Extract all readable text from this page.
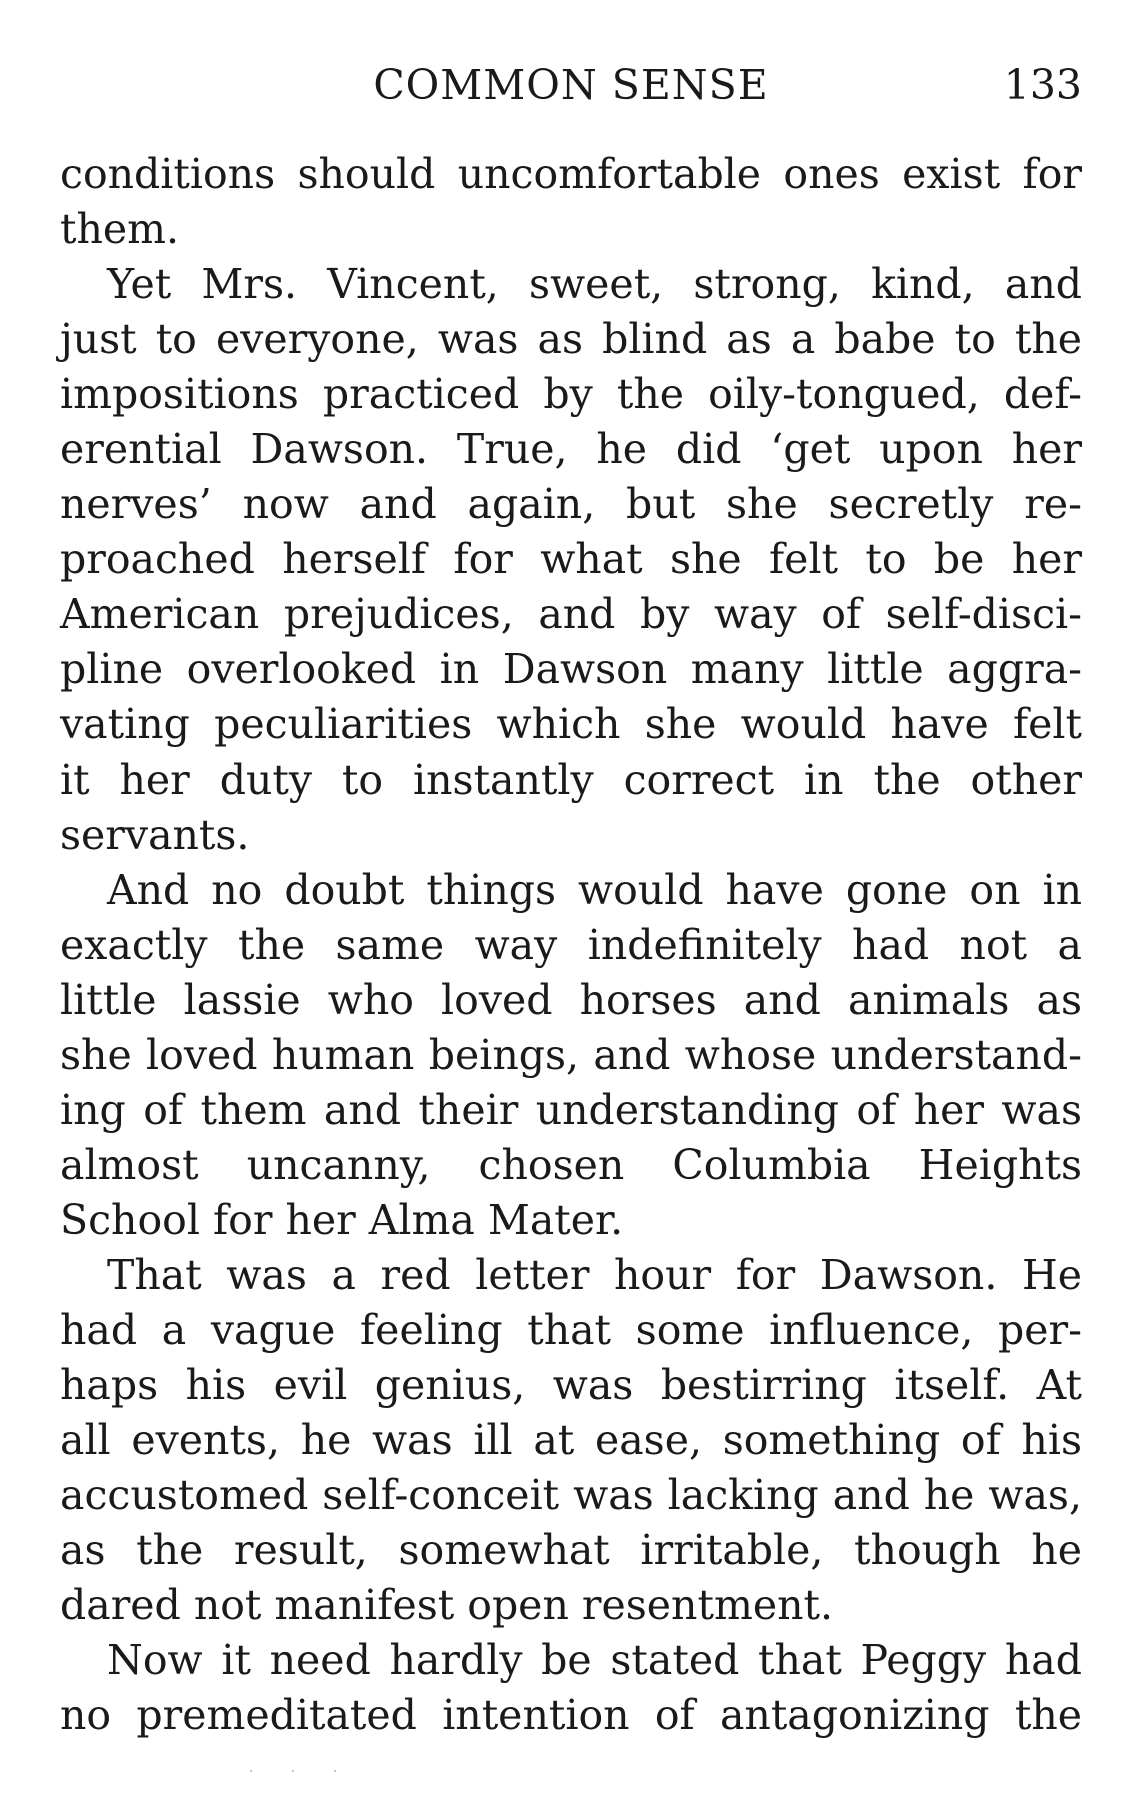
COMMON SENSE	133
conditions should uncomfortable ones exist for
them.
Yet Mrs. Vincent, sweet, strong, kind, and
just to everyone, was as blind as a babe to the
impositions practiced by the oily-tongued, def-
erential Dawson. True, he did ‘get upon her
nerves’ now and again, but she secretly re-
proached herself for what she felt to be her
American prejudices, and by way of self-disci-
pline overlooked in Dawson many little aggra-
vating peculiarities which she would have felt
it her duty to instantly correct in the other
servants.
And no doubt things would have gone on in
exactly the same way indefinitely had not a
little lassie who loved horses and animals as
she loved human beings, and whose understand-
ing of them and their understanding of her was
almost uncanny, chosen Columbia Heights
School for her Alma Mater.
That was a red letter hour for Dawson. He
had a vague feeling that some influence, per-
haps his evil genius, was bestirring itself. At
all events, he was ill at ease, something of his
accustomed self-conceit was lacking and he was,
as the result, somewhat irritable, though he
dared not manifest open resentment.
Now it need hardly be stated that Peggy had
no premeditated intention of antagonizing the
